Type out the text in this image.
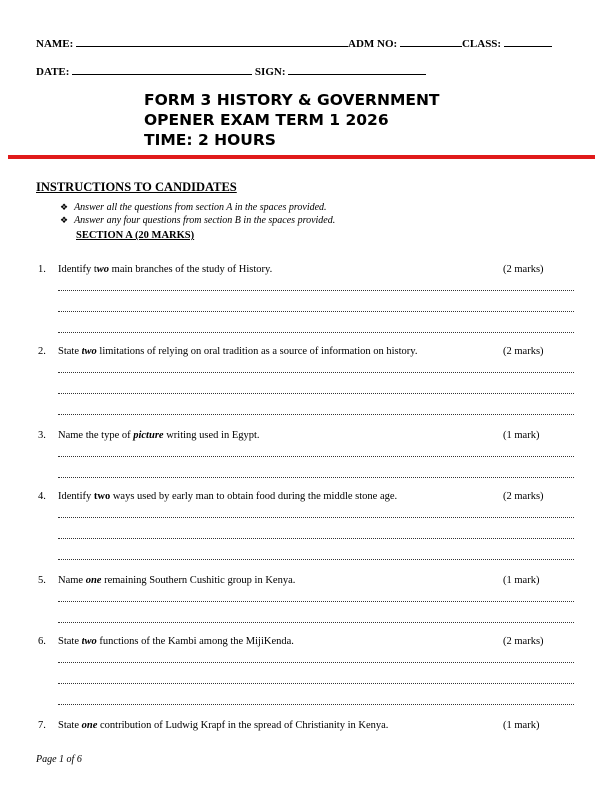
NAME:	ADM NO:	CLASS:
DATE:	SIGN:
FORM 3 HISTORY & GOVERNMENT
OPENER EXAM TERM 1 2026
TIME: 2 HOURS
INSTRUCTIONS TO CANDIDATES
❖ Answer all the questions from section A in the spaces provided.
❖ Answer any four questions from section B in the spaces provided.
SECTION A (20 MARKS)
1. Identify two main branches of the study of History.	(2 marks)
2. State two limitations of relying on oral tradition as a source of information on history.	(2 marks)
3. Name the type of picture writing used in Egypt.	(1 mark)
4. Identify two ways used by early man to obtain food during the middle stone age.	(2 marks)
5. Name one remaining Southern Cushitic group in Kenya.	(1 mark)
6. State two functions of the Kambi among the MijiKenda.	(2 marks)
7. State one contribution of Ludwig Krapf in the spread of Christianity in Kenya.	(1 mark)
Page 1 of 6
